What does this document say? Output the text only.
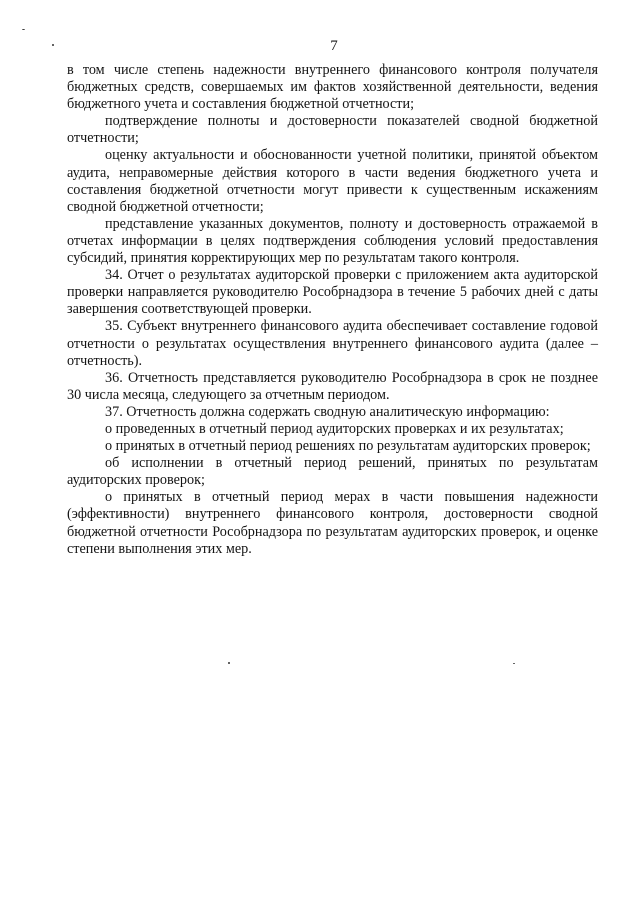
7

в том числе степень надежности внутреннего финансового контроля получателя бюджетных средств, совершаемых им фактов хозяйственной деятельности, ведения бюджетного учета и составления бюджетной отчетности;

подтверждение полноты и достоверности показателей сводной бюджетной отчетности;

оценку актуальности и обоснованности учетной политики, принятой объектом аудита, неправомерные действия которого в части ведения бюджетного учета и составления бюджетной отчетности могут привести к существенным искажениям сводной бюджетной отчетности;

представление указанных документов, полноту и достоверность отражаемой в отчетах информации в целях подтверждения соблюдения условий предоставления субсидий, принятия корректирующих мер по результатам такого контроля.

34. Отчет о результатах аудиторской проверки с приложением акта аудиторской проверки направляется руководителю Рособрнадзора в течение 5 рабочих дней с даты завершения соответствующей проверки.

35. Субъект внутреннего финансового аудита обеспечивает составление годовой отчетности о результатах осуществления внутреннего финансового аудита (далее – отчетность).

36. Отчетность представляется руководителю Рособрнадзора в срок не позднее 30 числа месяца, следующего за отчетным периодом.

37. Отчетность должна содержать сводную аналитическую информацию:

о проведенных в отчетный период аудиторских проверках и их результатах;

о принятых в отчетный период решениях по результатам аудиторских проверок;

об исполнении в отчетный период решений, принятых по результатам аудиторских проверок;

о принятых в отчетный период мерах в части повышения надежности (эффективности) внутреннего финансового контроля, достоверности сводной бюджетной отчетности Рособрнадзора по результатам аудиторских проверок, и оценке степени выполнения этих мер.
